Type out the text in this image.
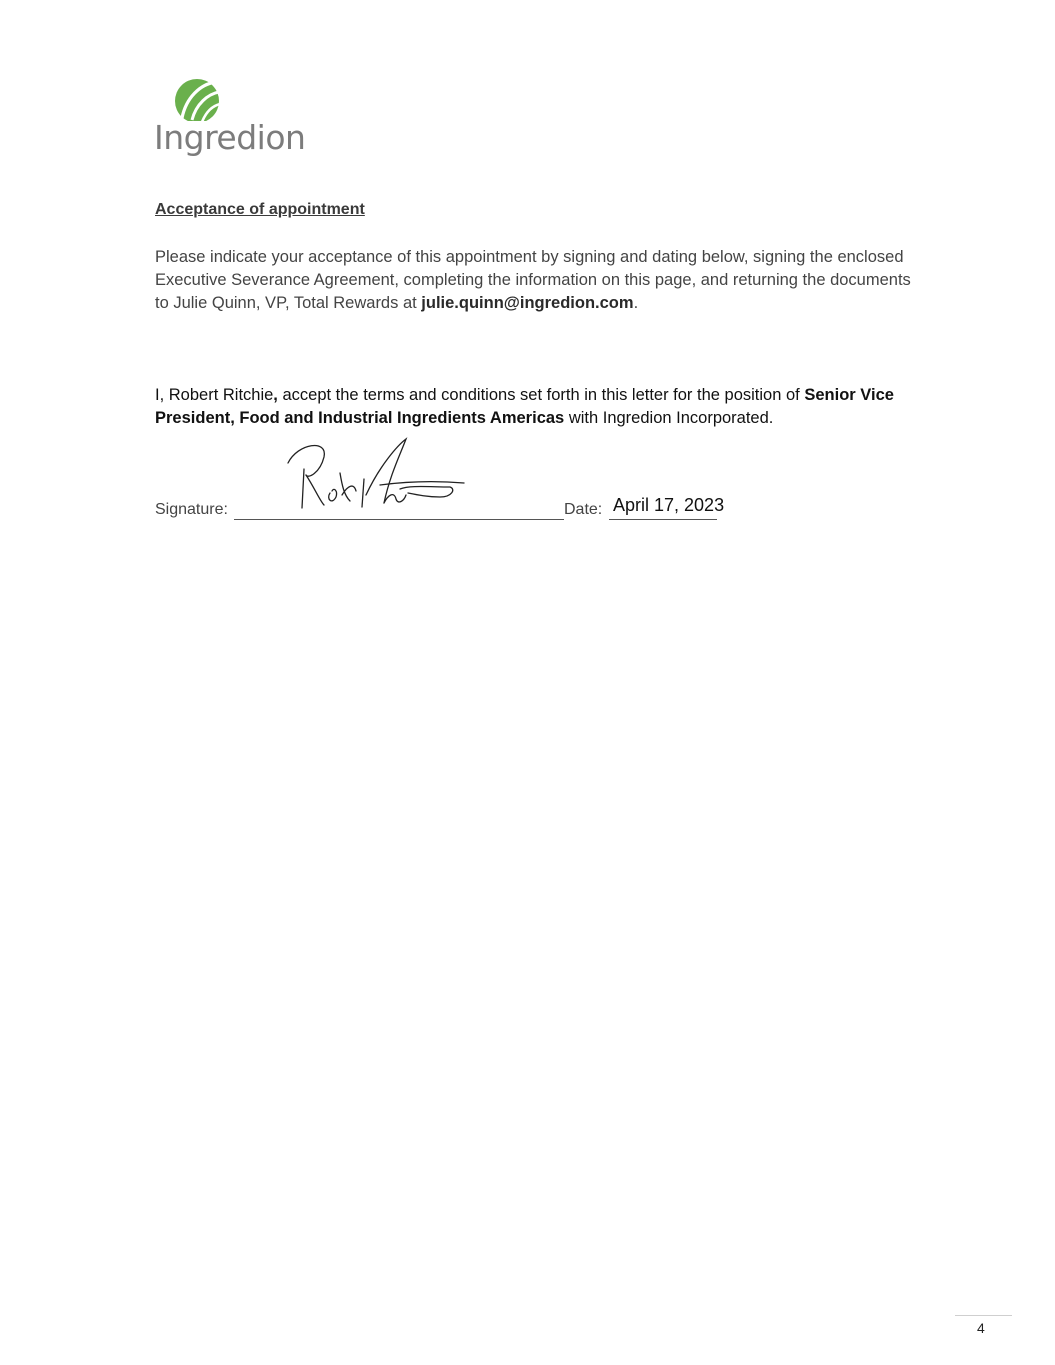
Ingredion
Acceptance of appointment
Please indicate your acceptance of this appointment by signing and dating below, signing the enclosed Executive Severance Agreement, completing the information on this page, and returning the documents to Julie Quinn, VP, Total Rewards at julie.quinn@ingredion.com.
I, Robert Ritchie, accept the terms and conditions set forth in this letter for the position of Senior Vice President, Food and Industrial Ingredients Americas with Ingredion Incorporated.
Signature:	Date: April 17, 2023
4
